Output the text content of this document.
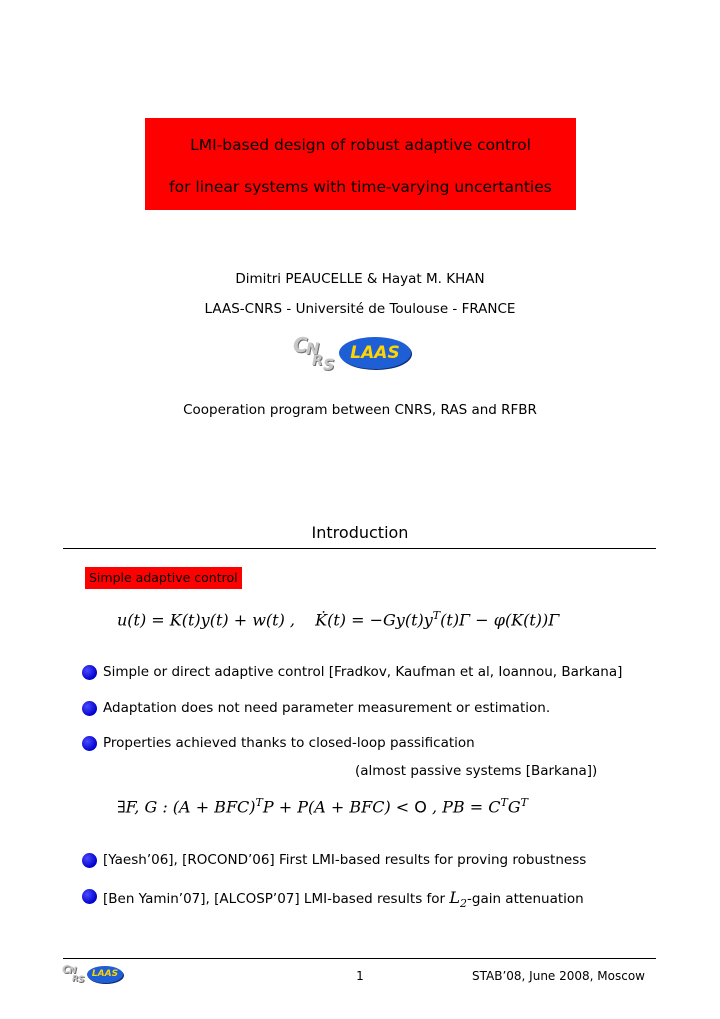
LMI-based design of robust adaptive control
for linear systems with time-varying uncertanties
Dimitri PEAUCELLE & Hayat M. KHAN
LAAS-CNRS - Université de Toulouse - FRANCE
C
N
R S
LAAS
Cooperation program between CNRS, RAS and RFBR
Introduction
Simple adaptive control
u(t) = K(t)y(t) + w(t) , K̇(t) = $-Gy(t)y^T(t)\Gamma - \varphi(K(t))\Gamma$
Simple or direct adaptive control [Fradkov, Kaufman et al, Ioannou, Barkana]
Adaptation does not need parameter measurement or estimation.
Properties achieved thanks to closed-loop passification
(almost passive systems [Barkana])
∃F, G : (A + BFC)$^T$P + P(A + BFC) < O , PB = $C^TG^T$
[Yaesh’06], [ROCOND’06] First LMI-based results for proving robustness
[Ben Yamin’07], [ALCOSP’07] LMI-based results for $L_2$-gain attenuation
C
N
R S
LAAS	1	STAB’08, June 2008, Moscow
